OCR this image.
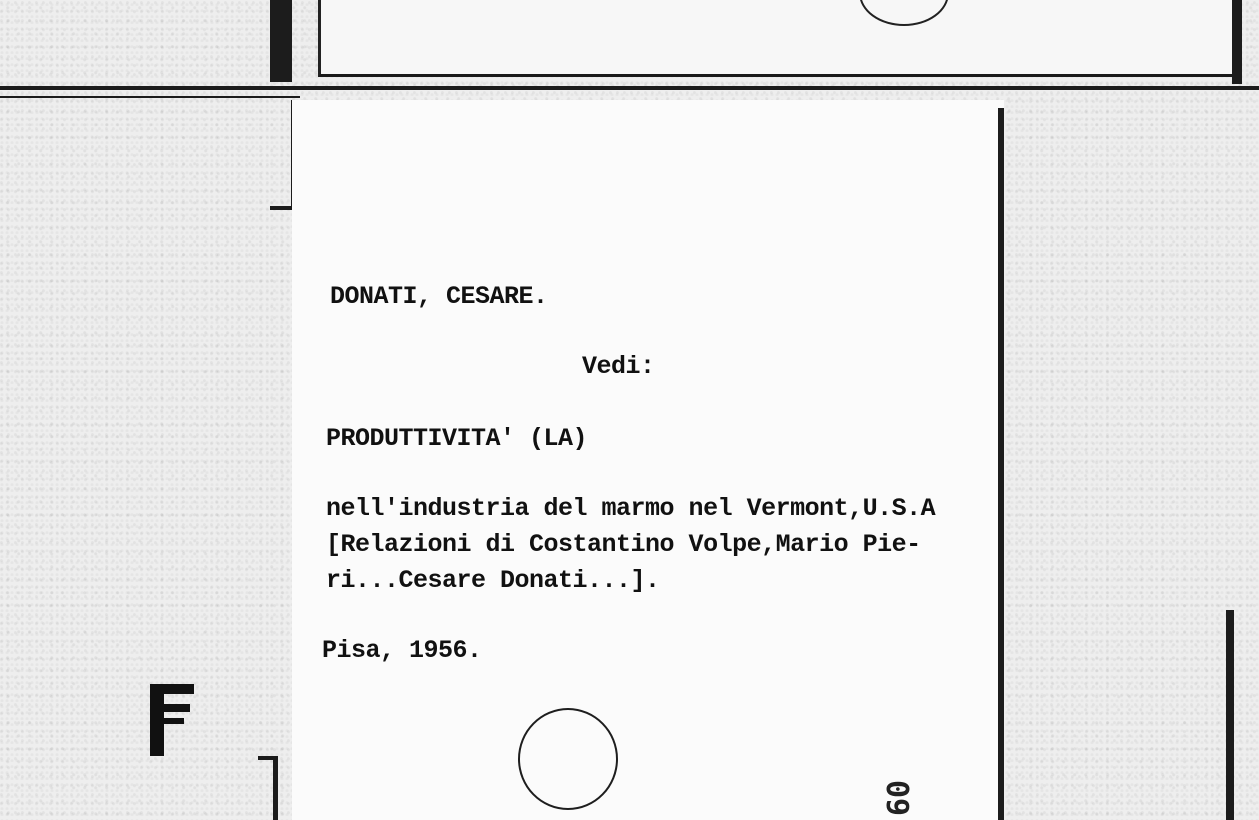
DONATI, CESARE.
Vedi:
PRODUTTIVITA' (LA)
nell'industria del marmo nel Vermont,U.S.A
[Relazioni di Costantino Volpe,Mario Pie-
ri...Cesare Donati...].
Pisa, 1956.
09
